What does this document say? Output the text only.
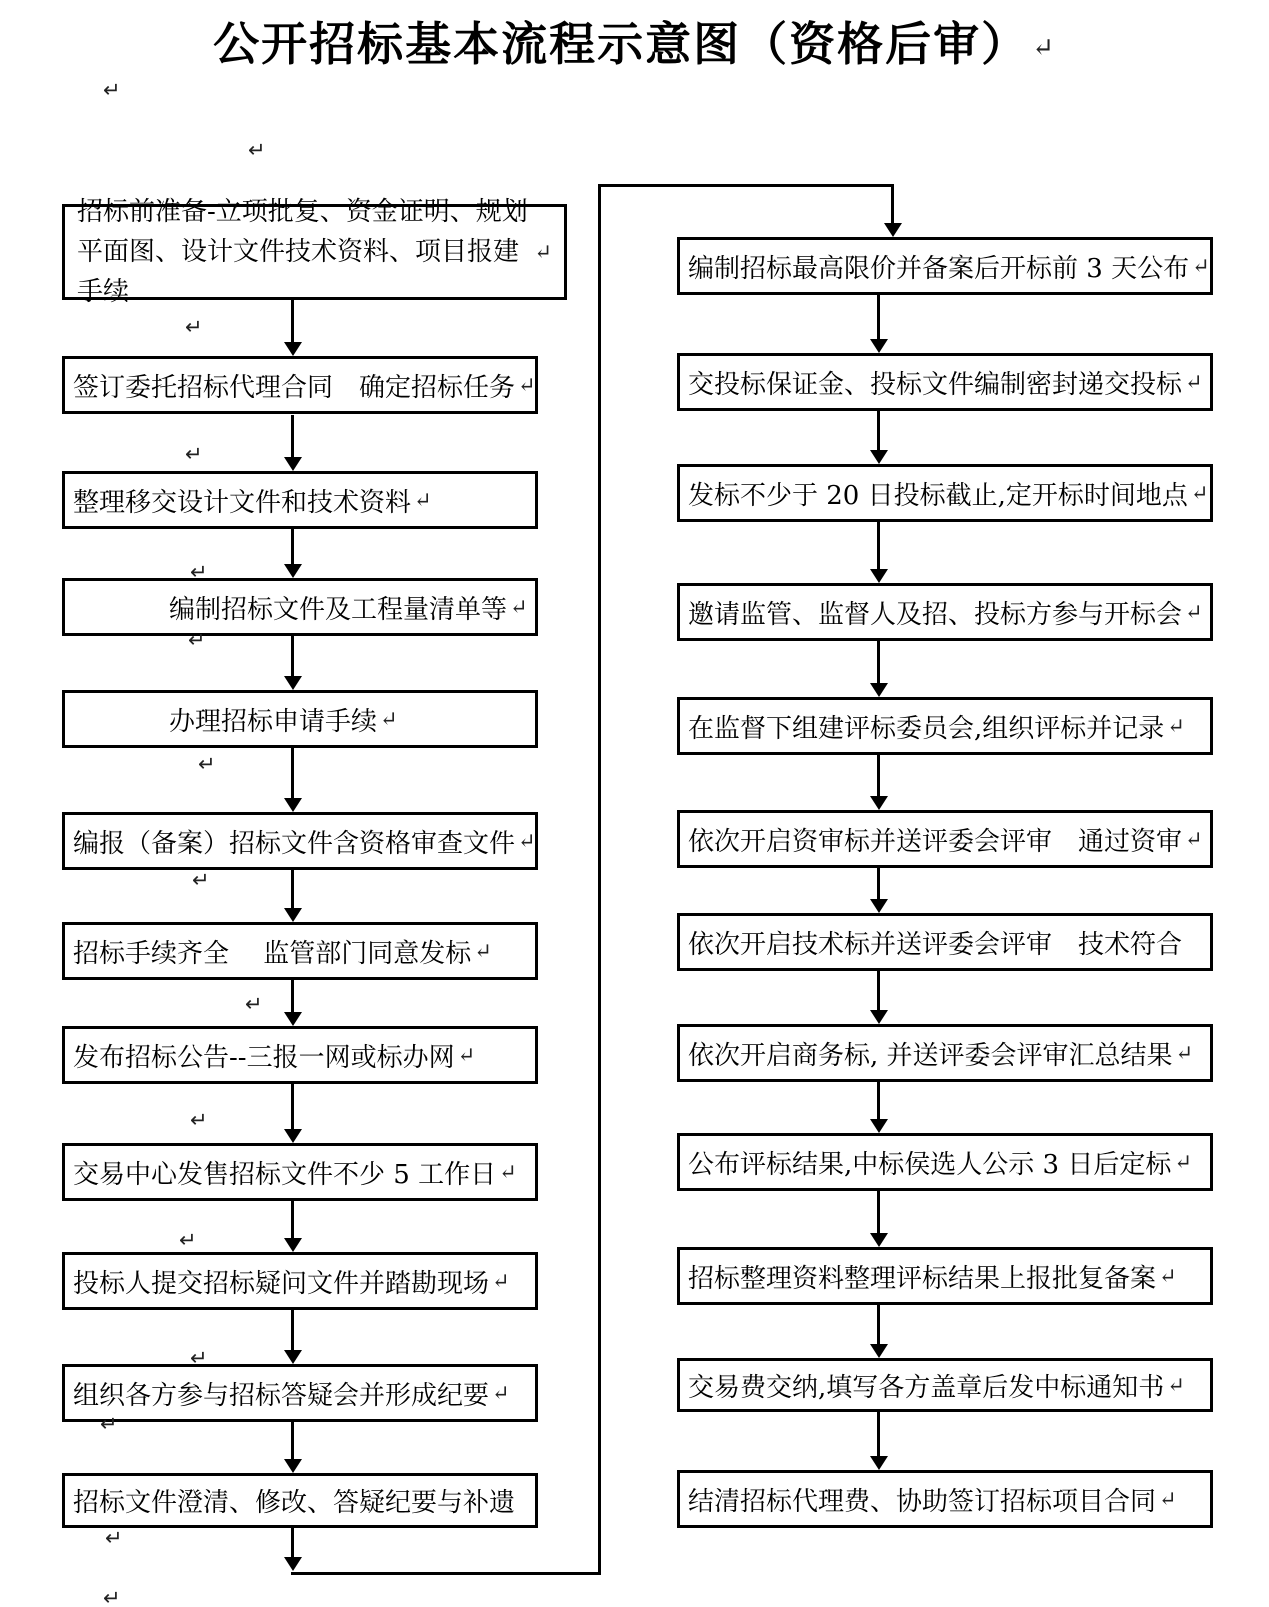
公开招标基本流程示意图（资格后审） ↵
招标前准备-立项批复、资金证明、规划平面图、设计文件技术资料、项目报建手续
↵
签订委托招标代理合同　确定招标任务 ↵
整理移交设计文件和技术资料 ↵
编制招标文件及工程量清单等 ↵
办理招标申请手续 ↵
编报（备案）招标文件含资格审查文件 ↵
招标手续齐全　 监管部门同意发标 ↵
发布招标公告--三报一网或标办网 ↵
交易中心发售招标文件不少 5 工作日 ↵
投标人提交招标疑问文件并踏勘现场 ↵
组织各方参与招标答疑会并形成纪要 ↵
招标文件澄清、修改、答疑纪要与补遗
编制招标最高限价并备案后开标前 3 天公布 ↵
交投标保证金、投标文件编制密封递交投标 ↵
发标不少于 20 日投标截止,定开标时间地点 ↵
邀请监管、监督人及招、投标方参与开标会 ↵
在监督下组建评标委员会,组织评标并记录 ↵
依次开启资审标并送评委会评审　通过资审 ↵
依次开启技术标并送评委会评审　技术符合
依次开启商务标, 并送评委会评审汇总结果 ↵
公布评标结果,中标侯选人公示 3 日后定标 ↵
招标整理资料整理评标结果上报批复备案 ↵
交易费交纳,填写各方盖章后发中标通知书 ↵
结清招标代理费、协助签订招标项目合同 ↵
↵
↵
↵
↵
↵
↵
↵
↵
↵
↵
↵
↵
↵
↵
↵
